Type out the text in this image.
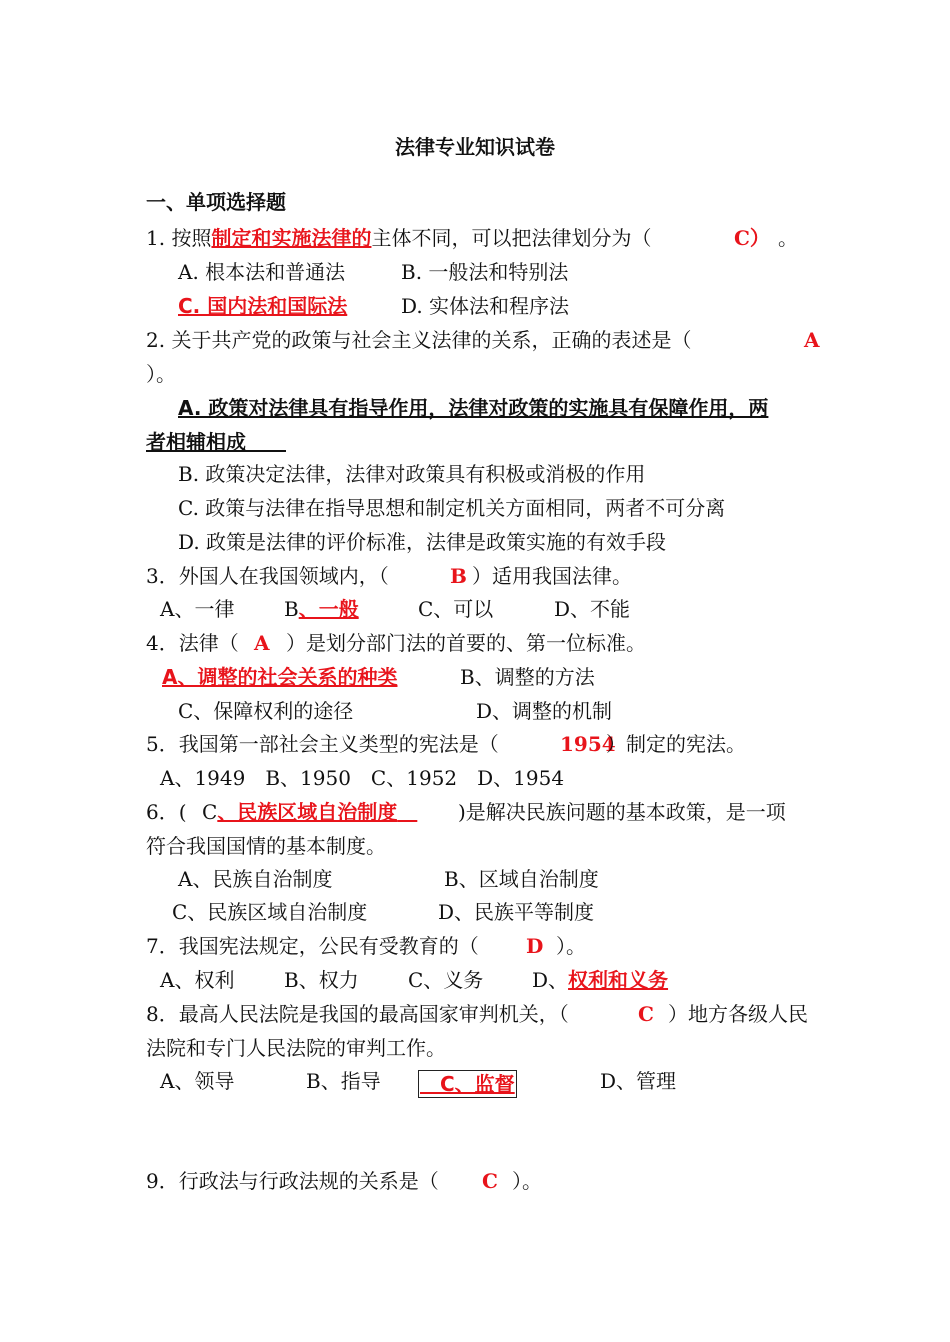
法律专业知识试卷
一、单项选择题
1. 按照制定和实施法律的主体不同，可以把法律划分为（	C） 。
A. 根本法和普通法	B. 一般法和特别法
C. 国内法和国际法	D. 实体法和程序法
2. 关于共产党的政策与社会主义法律的关系，正确的表述是（	A
）。
A. 政策对法律具有指导作用，法律对政策的实施具有保障作用，两
者相辅相成  
B. 政策决定法律，法律对政策具有积极或消极的作用
C. 政策与法律在指导思想和制定机关方面相同，两者不可分离
D. 政策是法律的评价标准，法律是政策实施的有效手段
3．外国人在我国领域内，（	B ）适用我国法律。
A、一律 B、一般	C、可以	D、不能
4．法律（ A ）是划分部门法的首要的、第一位标准。
A、调整的社会关系的种类	B、调整的方法
C、保障权利的途径	D、调整的机制
5．我国第一部社会主义类型的宪法是（	1954
）制定的宪法。
A、1949　B、1950　C、1952　D、1954
6．( C、民族区域自治制度  	)是解决民族问题的基本政策，是一项
符合我国国情的基本制度。
A、民族自治制度	B、区域自治制度
C、民族区域自治制度	D、民族平等制度
7．我国宪法规定，公民有受教育的（ D ）。
A、权利 B、权力 C、义务 D、权利和义务
8．最高人民法院是我国的最高国家审判机关，（	C ）地方各级人民
法院和专门人民法院的审判工作。
A、领导	B、指导
 	C、监督	D、管理
9．行政法与行政法规的关系是（ C ）。
